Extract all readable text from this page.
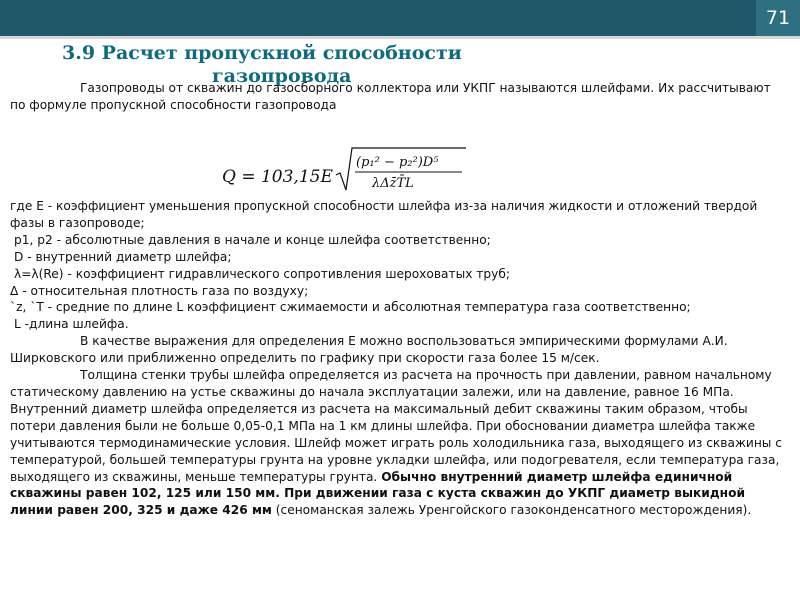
71
3.9 Расчет пропускной способности
газопровода
Газопроводы от скважин до газосборного коллектора или УКПГ называются шлейфами. Их рассчитывают по формуле пропускной способности газопровода
Q = 103,15E
(p₁² − p₂²)D⁵
λΔz̄T̄L

где E - коэффициент уменьшения пропускной способности шлейфа из-за наличия жидкости и отложений твердой фазы в газопроводе;

p1, p2 - абсолютные давления в начале и конце шлейфа соответственно;

D - внутренний диаметр шлейфа;

λ=λ(Re) - коэффициент гидравлического сопротивления шероховатых труб;

Δ - относительная плотность газа по воздуху;

`z, `T - средние по длине L коэффициент сжимаемости и абсолютная температура газа соответственно;

L -длина шлейфа.

В качестве выражения для определения Е можно воспользоваться эмпирическими формулами А.И. Ширковского или приближенно определить по графику при скорости газа более 15 м/сек.

Толщина стенки трубы шлейфа определяется из расчета на прочность при давлении, равном начальному статическому давлению на устье скважины до начала эксплуатации залежи, или на давление, равное 16 МПа. Внутренний диаметр шлейфа определяется из расчета на максимальный дебит скважины таким образом, чтобы потери давления были не больше 0,05-0,1 МПа на 1 км длины шлейфа. При обосновании диаметра шлейфа также учитываются термодинамические условия. Шлейф может играть роль холодильника газа, выходящего из скважины с температурой, большей температуры грунта на уровне укладки шлейфа, или подогревателя, если температура газа, выходящего из скважины, меньше температуры грунта. Обычно внутренний диаметр шлейфа единичной скважины равен 102, 125 или 150 мм. При движении газа с куста скважин до УКПГ диаметр выкидной линии равен 200, 325 и даже 426 мм (сеноманская залежь Уренгойского газоконденсатного месторождения).
